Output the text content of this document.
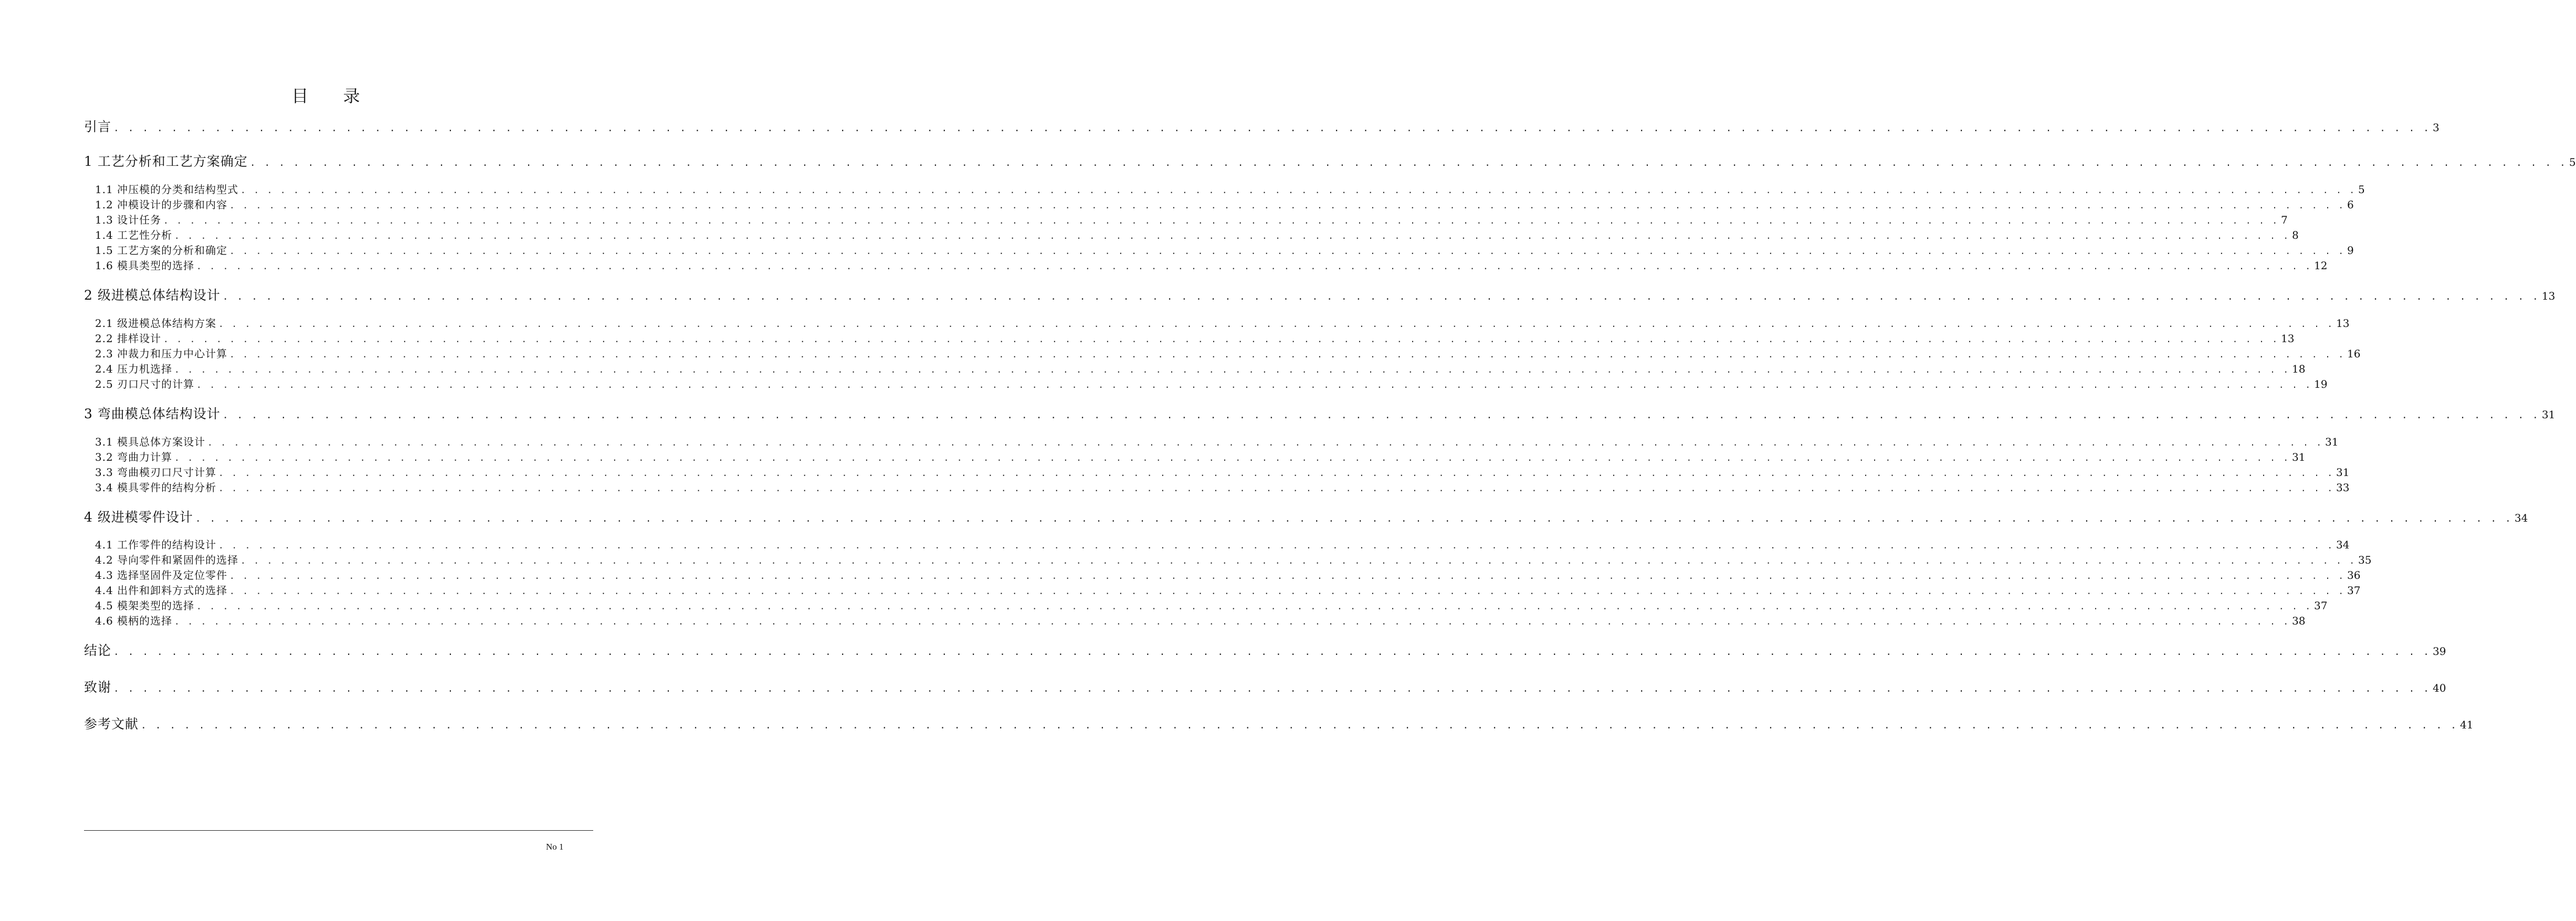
目 录
引言 . . . . . . . . . . . . . . . . . . . . . . . . . . . . . . . . . . . . . . . . . . . . . . . . . . . . . . . . . . . . . . . . . . . . . . . . . . . . . . . . . . . . . . . . . . . . . . . . . . . . . . . . . . . . . . . . . . . . . . . . . . . . . . . . . . . . . . . . . . . . . . . . . . . . . . . . . . . . . . . . 3
1 工艺分析和工艺方案确定 . . . . . . . . . . . . . . . . . . . . . . . . . . . . . . . . . . . . . . . . . . . . . . . . . . . . . . . . . . . . . . . . . . . . . . . . . . . . . . . . . . . . . . . . . . . . . . . . . . . . . . . . . . . . . . . . . . . . . . . . . . . . . . . . . . . . . . . . . . . . . . . . . . . . . . . . . . . . . . . . 5
1.1 冲压模的分类和结构型式 . . . . . . . . . . . . . . . . . . . . . . . . . . . . . . . . . . . . . . . . . . . . . . . . . . . . . . . . . . . . . . . . . . . . . . . . . . . . . . . . . . . . . . . . . . . . . . . . . . . . . . . . . . . . . . . . . . . . . . . . . . . . . . . . . . . . . . . . . . . . . . . . . . . . . . . . . . . . . . . . 5
1.2 冲模设计的步骤和内容 . . . . . . . . . . . . . . . . . . . . . . . . . . . . . . . . . . . . . . . . . . . . . . . . . . . . . . . . . . . . . . . . . . . . . . . . . . . . . . . . . . . . . . . . . . . . . . . . . . . . . . . . . . . . . . . . . . . . . . . . . . . . . . . . . . . . . . . . . . . . . . . . . . . . . . . . . . . . . . . . 6
1.3 设计任务 . . . . . . . . . . . . . . . . . . . . . . . . . . . . . . . . . . . . . . . . . . . . . . . . . . . . . . . . . . . . . . . . . . . . . . . . . . . . . . . . . . . . . . . . . . . . . . . . . . . . . . . . . . . . . . . . . . . . . . . . . . . . . . . . . . . . . . . . . . . . . . . . . . . . . . . . . . . . . . . . 7
1.4 工艺性分析 . . . . . . . . . . . . . . . . . . . . . . . . . . . . . . . . . . . . . . . . . . . . . . . . . . . . . . . . . . . . . . . . . . . . . . . . . . . . . . . . . . . . . . . . . . . . . . . . . . . . . . . . . . . . . . . . . . . . . . . . . . . . . . . . . . . . . . . . . . . . . . . . . . . . . . . . . . . . . . . . 8
1.5 工艺方案的分析和确定 . . . . . . . . . . . . . . . . . . . . . . . . . . . . . . . . . . . . . . . . . . . . . . . . . . . . . . . . . . . . . . . . . . . . . . . . . . . . . . . . . . . . . . . . . . . . . . . . . . . . . . . . . . . . . . . . . . . . . . . . . . . . . . . . . . . . . . . . . . . . . . . . . . . . . . . . . . . . . . . . 9
1.6 模具类型的选择 . . . . . . . . . . . . . . . . . . . . . . . . . . . . . . . . . . . . . . . . . . . . . . . . . . . . . . . . . . . . . . . . . . . . . . . . . . . . . . . . . . . . . . . . . . . . . . . . . . . . . . . . . . . . . . . . . . . . . . . . . . . . . . . . . . . . . . . . . . . . . . . . . . . . . . . . . . . . . . . . 12
2 级进模总体结构设计 . . . . . . . . . . . . . . . . . . . . . . . . . . . . . . . . . . . . . . . . . . . . . . . . . . . . . . . . . . . . . . . . . . . . . . . . . . . . . . . . . . . . . . . . . . . . . . . . . . . . . . . . . . . . . . . . . . . . . . . . . . . . . . . . . . . . . . . . . . . . . . . . . . . . . . . . . . . . . . . . 13
2.1 级进模总体结构方案 . . . . . . . . . . . . . . . . . . . . . . . . . . . . . . . . . . . . . . . . . . . . . . . . . . . . . . . . . . . . . . . . . . . . . . . . . . . . . . . . . . . . . . . . . . . . . . . . . . . . . . . . . . . . . . . . . . . . . . . . . . . . . . . . . . . . . . . . . . . . . . . . . . . . . . . . . . . . . . . . 13
2.2 排样设计 . . . . . . . . . . . . . . . . . . . . . . . . . . . . . . . . . . . . . . . . . . . . . . . . . . . . . . . . . . . . . . . . . . . . . . . . . . . . . . . . . . . . . . . . . . . . . . . . . . . . . . . . . . . . . . . . . . . . . . . . . . . . . . . . . . . . . . . . . . . . . . . . . . . . . . . . . . . . . . . . 13
2.3 冲裁力和压力中心计算 . . . . . . . . . . . . . . . . . . . . . . . . . . . . . . . . . . . . . . . . . . . . . . . . . . . . . . . . . . . . . . . . . . . . . . . . . . . . . . . . . . . . . . . . . . . . . . . . . . . . . . . . . . . . . . . . . . . . . . . . . . . . . . . . . . . . . . . . . . . . . . . . . . . . . . . . . . . . . . . . 16
2.4 压力机选择 . . . . . . . . . . . . . . . . . . . . . . . . . . . . . . . . . . . . . . . . . . . . . . . . . . . . . . . . . . . . . . . . . . . . . . . . . . . . . . . . . . . . . . . . . . . . . . . . . . . . . . . . . . . . . . . . . . . . . . . . . . . . . . . . . . . . . . . . . . . . . . . . . . . . . . . . . . . . . . . . 18
2.5 刃口尺寸的计算 . . . . . . . . . . . . . . . . . . . . . . . . . . . . . . . . . . . . . . . . . . . . . . . . . . . . . . . . . . . . . . . . . . . . . . . . . . . . . . . . . . . . . . . . . . . . . . . . . . . . . . . . . . . . . . . . . . . . . . . . . . . . . . . . . . . . . . . . . . . . . . . . . . . . . . . . . . . . . . . . 19
3 弯曲模总体结构设计 . . . . . . . . . . . . . . . . . . . . . . . . . . . . . . . . . . . . . . . . . . . . . . . . . . . . . . . . . . . . . . . . . . . . . . . . . . . . . . . . . . . . . . . . . . . . . . . . . . . . . . . . . . . . . . . . . . . . . . . . . . . . . . . . . . . . . . . . . . . . . . . . . . . . . . . . . . . . . . . . 31
3.1 模具总体方案设计 . . . . . . . . . . . . . . . . . . . . . . . . . . . . . . . . . . . . . . . . . . . . . . . . . . . . . . . . . . . . . . . . . . . . . . . . . . . . . . . . . . . . . . . . . . . . . . . . . . . . . . . . . . . . . . . . . . . . . . . . . . . . . . . . . . . . . . . . . . . . . . . . . . . . . . . . . . . . . . . . 31
3.2 弯曲力计算 . . . . . . . . . . . . . . . . . . . . . . . . . . . . . . . . . . . . . . . . . . . . . . . . . . . . . . . . . . . . . . . . . . . . . . . . . . . . . . . . . . . . . . . . . . . . . . . . . . . . . . . . . . . . . . . . . . . . . . . . . . . . . . . . . . . . . . . . . . . . . . . . . . . . . . . . . . . . . . . . 31
3.3 弯曲模刃口尺寸计算 . . . . . . . . . . . . . . . . . . . . . . . . . . . . . . . . . . . . . . . . . . . . . . . . . . . . . . . . . . . . . . . . . . . . . . . . . . . . . . . . . . . . . . . . . . . . . . . . . . . . . . . . . . . . . . . . . . . . . . . . . . . . . . . . . . . . . . . . . . . . . . . . . . . . . . . . . . . . . . . . 31
3.4 模具零件的结构分析 . . . . . . . . . . . . . . . . . . . . . . . . . . . . . . . . . . . . . . . . . . . . . . . . . . . . . . . . . . . . . . . . . . . . . . . . . . . . . . . . . . . . . . . . . . . . . . . . . . . . . . . . . . . . . . . . . . . . . . . . . . . . . . . . . . . . . . . . . . . . . . . . . . . . . . . . . . . . . . . . 33
4 级进模零件设计 . . . . . . . . . . . . . . . . . . . . . . . . . . . . . . . . . . . . . . . . . . . . . . . . . . . . . . . . . . . . . . . . . . . . . . . . . . . . . . . . . . . . . . . . . . . . . . . . . . . . . . . . . . . . . . . . . . . . . . . . . . . . . . . . . . . . . . . . . . . . . . . . . . . . . . . . . . . . . . . . 34
4.1 工作零件的结构设计 . . . . . . . . . . . . . . . . . . . . . . . . . . . . . . . . . . . . . . . . . . . . . . . . . . . . . . . . . . . . . . . . . . . . . . . . . . . . . . . . . . . . . . . . . . . . . . . . . . . . . . . . . . . . . . . . . . . . . . . . . . . . . . . . . . . . . . . . . . . . . . . . . . . . . . . . . . . . . . . . 34
4.2 导向零件和紧固件的选择 . . . . . . . . . . . . . . . . . . . . . . . . . . . . . . . . . . . . . . . . . . . . . . . . . . . . . . . . . . . . . . . . . . . . . . . . . . . . . . . . . . . . . . . . . . . . . . . . . . . . . . . . . . . . . . . . . . . . . . . . . . . . . . . . . . . . . . . . . . . . . . . . . . . . . . . . . . . . . . . . 35
4.3 选择坚固件及定位零件 . . . . . . . . . . . . . . . . . . . . . . . . . . . . . . . . . . . . . . . . . . . . . . . . . . . . . . . . . . . . . . . . . . . . . . . . . . . . . . . . . . . . . . . . . . . . . . . . . . . . . . . . . . . . . . . . . . . . . . . . . . . . . . . . . . . . . . . . . . . . . . . . . . . . . . . . . . . . . . . . 36
4.4 出件和卸料方式的选择 . . . . . . . . . . . . . . . . . . . . . . . . . . . . . . . . . . . . . . . . . . . . . . . . . . . . . . . . . . . . . . . . . . . . . . . . . . . . . . . . . . . . . . . . . . . . . . . . . . . . . . . . . . . . . . . . . . . . . . . . . . . . . . . . . . . . . . . . . . . . . . . . . . . . . . . . . . . . . . . . 37
4.5 模架类型的选择 . . . . . . . . . . . . . . . . . . . . . . . . . . . . . . . . . . . . . . . . . . . . . . . . . . . . . . . . . . . . . . . . . . . . . . . . . . . . . . . . . . . . . . . . . . . . . . . . . . . . . . . . . . . . . . . . . . . . . . . . . . . . . . . . . . . . . . . . . . . . . . . . . . . . . . . . . . . . . . . . 37
4.6 模柄的选择 . . . . . . . . . . . . . . . . . . . . . . . . . . . . . . . . . . . . . . . . . . . . . . . . . . . . . . . . . . . . . . . . . . . . . . . . . . . . . . . . . . . . . . . . . . . . . . . . . . . . . . . . . . . . . . . . . . . . . . . . . . . . . . . . . . . . . . . . . . . . . . . . . . . . . . . . . . . . . . . . 38
结论 . . . . . . . . . . . . . . . . . . . . . . . . . . . . . . . . . . . . . . . . . . . . . . . . . . . . . . . . . . . . . . . . . . . . . . . . . . . . . . . . . . . . . . . . . . . . . . . . . . . . . . . . . . . . . . . . . . . . . . . . . . . . . . . . . . . . . . . . . . . . . . . . . . . . . . . . . . . . . . . . 39
致谢 . . . . . . . . . . . . . . . . . . . . . . . . . . . . . . . . . . . . . . . . . . . . . . . . . . . . . . . . . . . . . . . . . . . . . . . . . . . . . . . . . . . . . . . . . . . . . . . . . . . . . . . . . . . . . . . . . . . . . . . . . . . . . . . . . . . . . . . . . . . . . . . . . . . . . . . . . . . . . . . . 40
参考文献 . . . . . . . . . . . . . . . . . . . . . . . . . . . . . . . . . . . . . . . . . . . . . . . . . . . . . . . . . . . . . . . . . . . . . . . . . . . . . . . . . . . . . . . . . . . . . . . . . . . . . . . . . . . . . . . . . . . . . . . . . . . . . . . . . . . . . . . . . . . . . . . . . . . . . . . . . . . . . . . . 41
No 1
